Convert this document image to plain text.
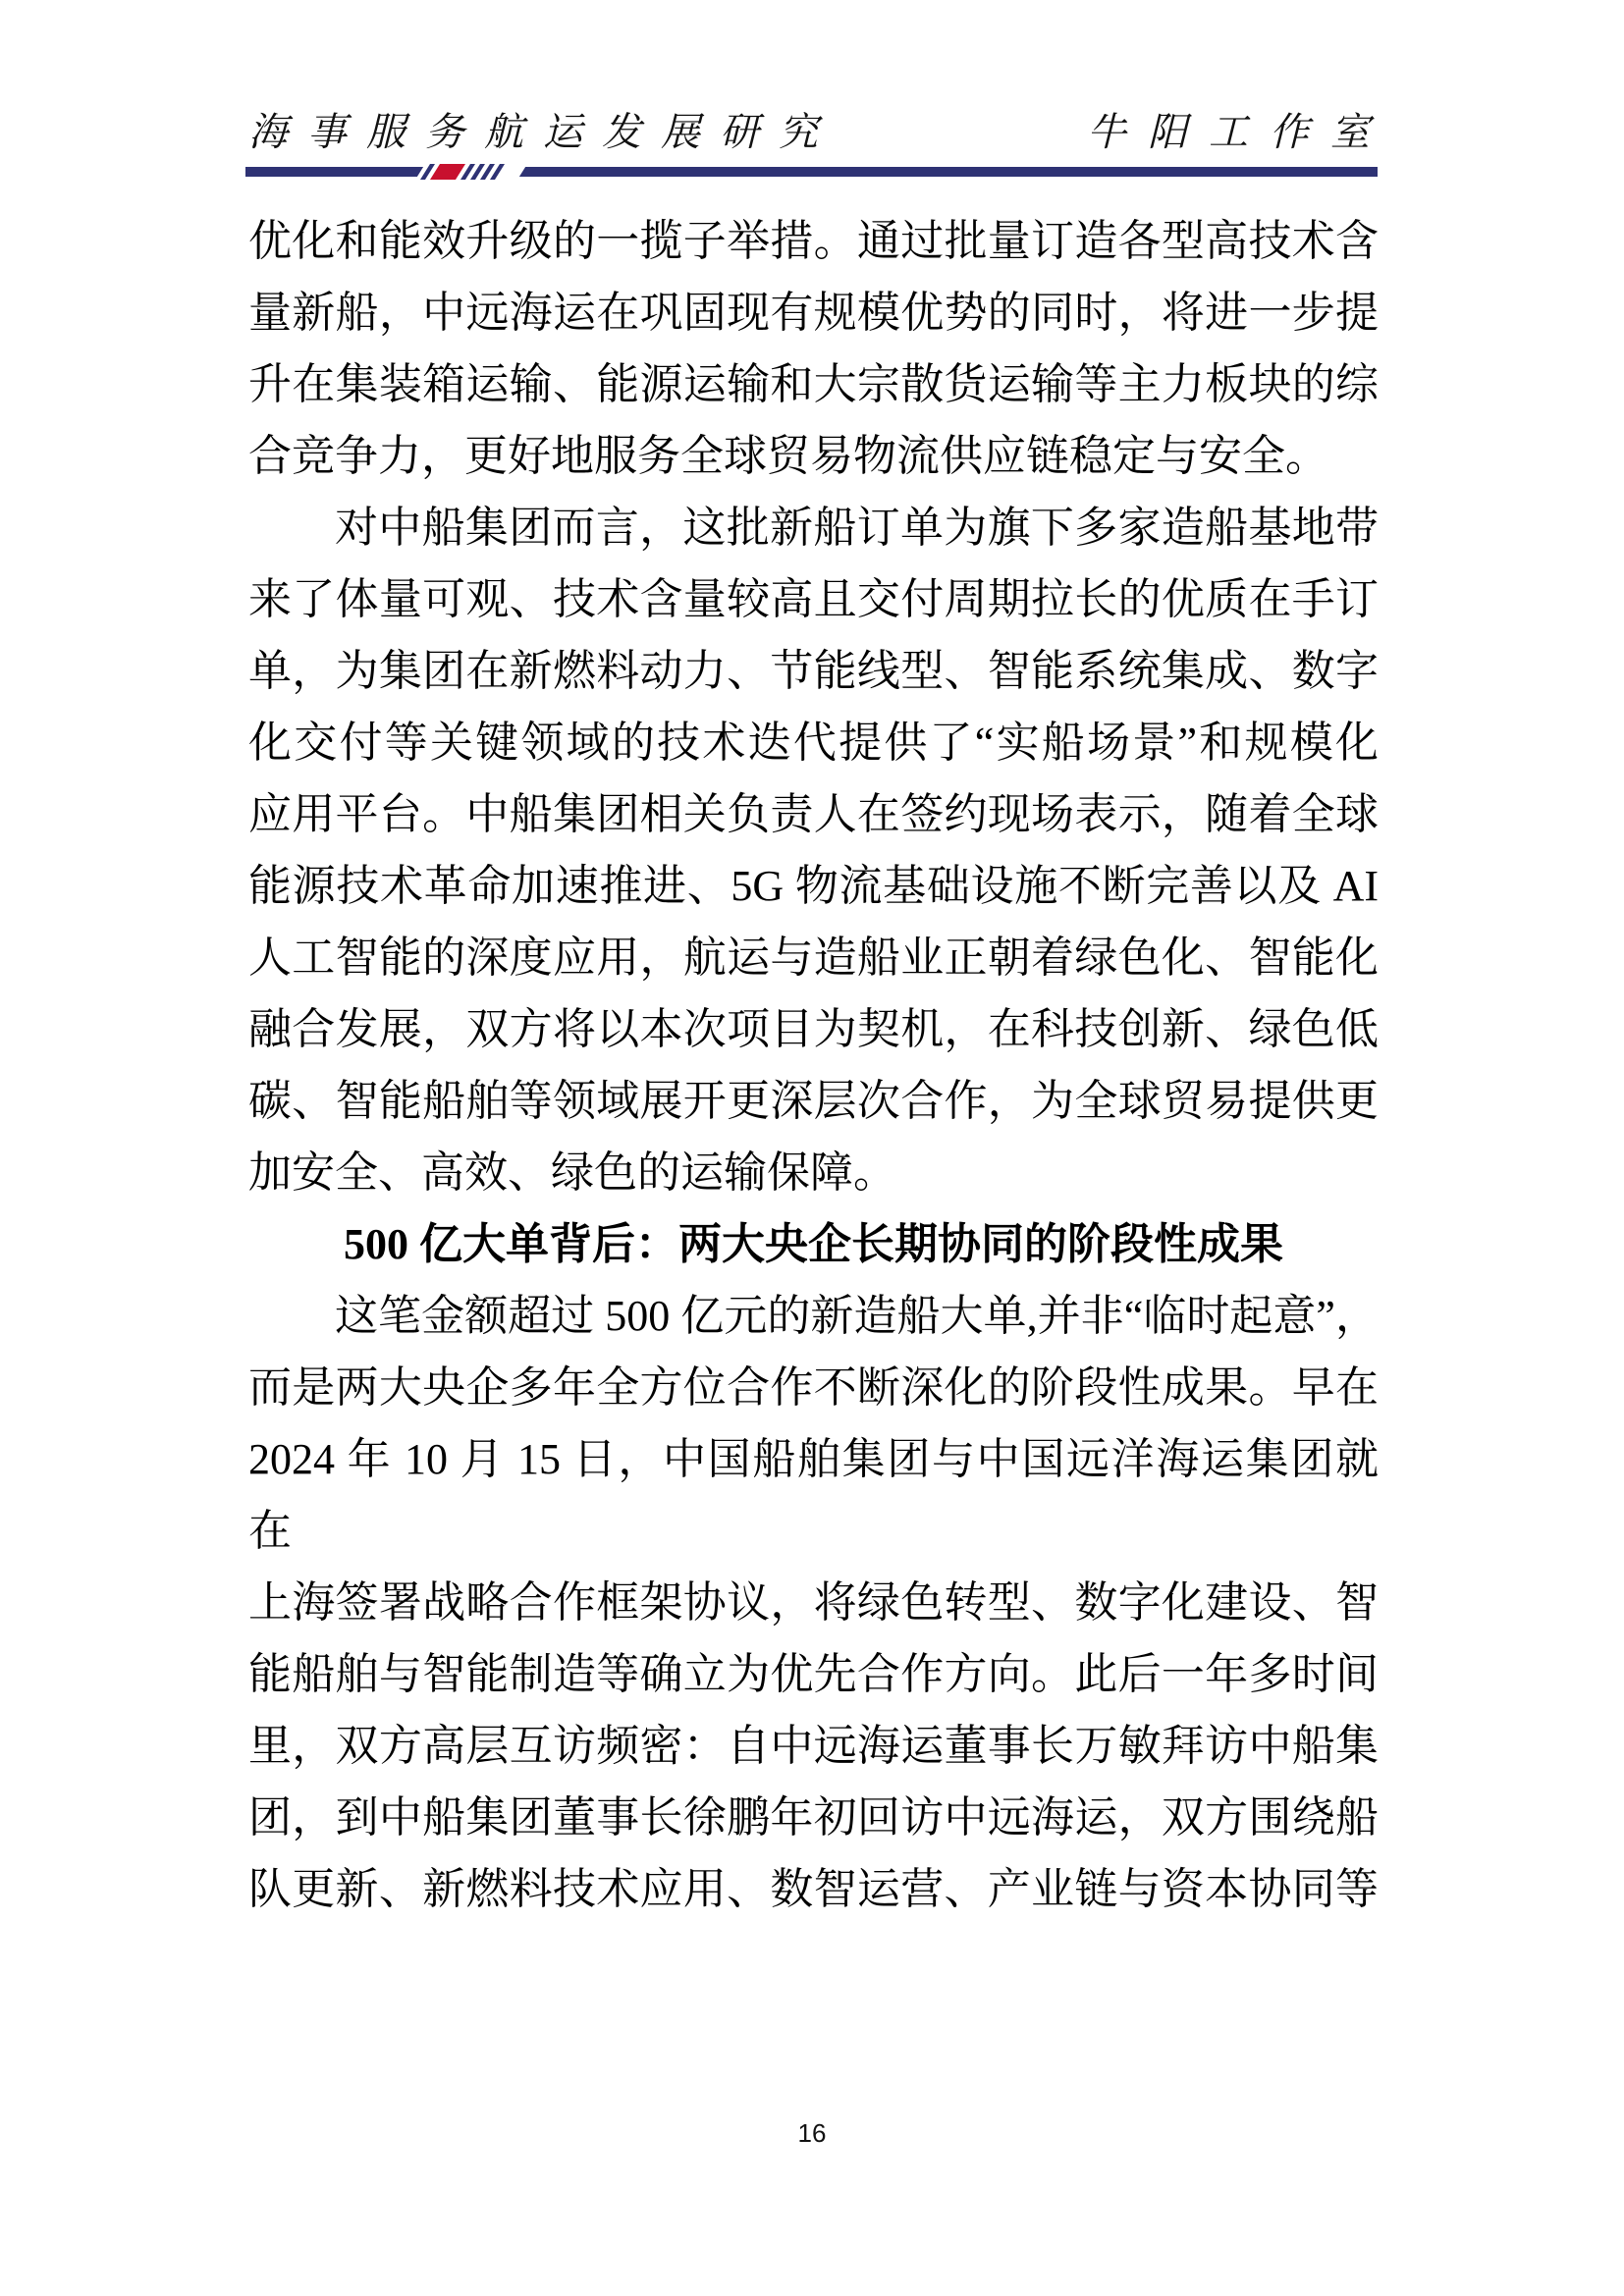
海事服务航运发展研究	牛阳工作室
优化和能效升级的一揽子举措。通过批量订造各型高技术含
量新船，中远海运在巩固现有规模优势的同时，将进一步提
升在集装箱运输、能源运输和大宗散货运输等主力板块的综
合竞争力，更好地服务全球贸易物流供应链稳定与安全。
对中船集团而言，这批新船订单为旗下多家造船基地带
来了体量可观、技术含量较高且交付周期拉长的优质在手订
单，为集团在新燃料动力、节能线型、智能系统集成、数字
化交付等关键领域的技术迭代提供了“实船场景”和规模化
应用平台。中船集团相关负责人在签约现场表示，随着全球
能源技术革命加速推进、5G 物流基础设施不断完善以及 AI
人工智能的深度应用，航运与造船业正朝着绿色化、智能化
融合发展，双方将以本次项目为契机，在科技创新、绿色低
碳、智能船舶等领域展开更深层次合作，为全球贸易提供更
加安全、高效、绿色的运输保障。
500 亿大单背后：两大央企长期协同的阶段性成果
这笔金额超过 500 亿元的新造船大单,并非“临时起意”，
而是两大央企多年全方位合作不断深化的阶段性成果。早在
2024 年 10 月 15 日，中国船舶集团与中国远洋海运集团就在
上海签署战略合作框架协议，将绿色转型、数字化建设、智
能船舶与智能制造等确立为优先合作方向。此后一年多时间
里，双方高层互访频密：自中远海运董事长万敏拜访中船集
团，到中船集团董事长徐鹏年初回访中远海运，双方围绕船
队更新、新燃料技术应用、数智运营、产业链与资本协同等
16
